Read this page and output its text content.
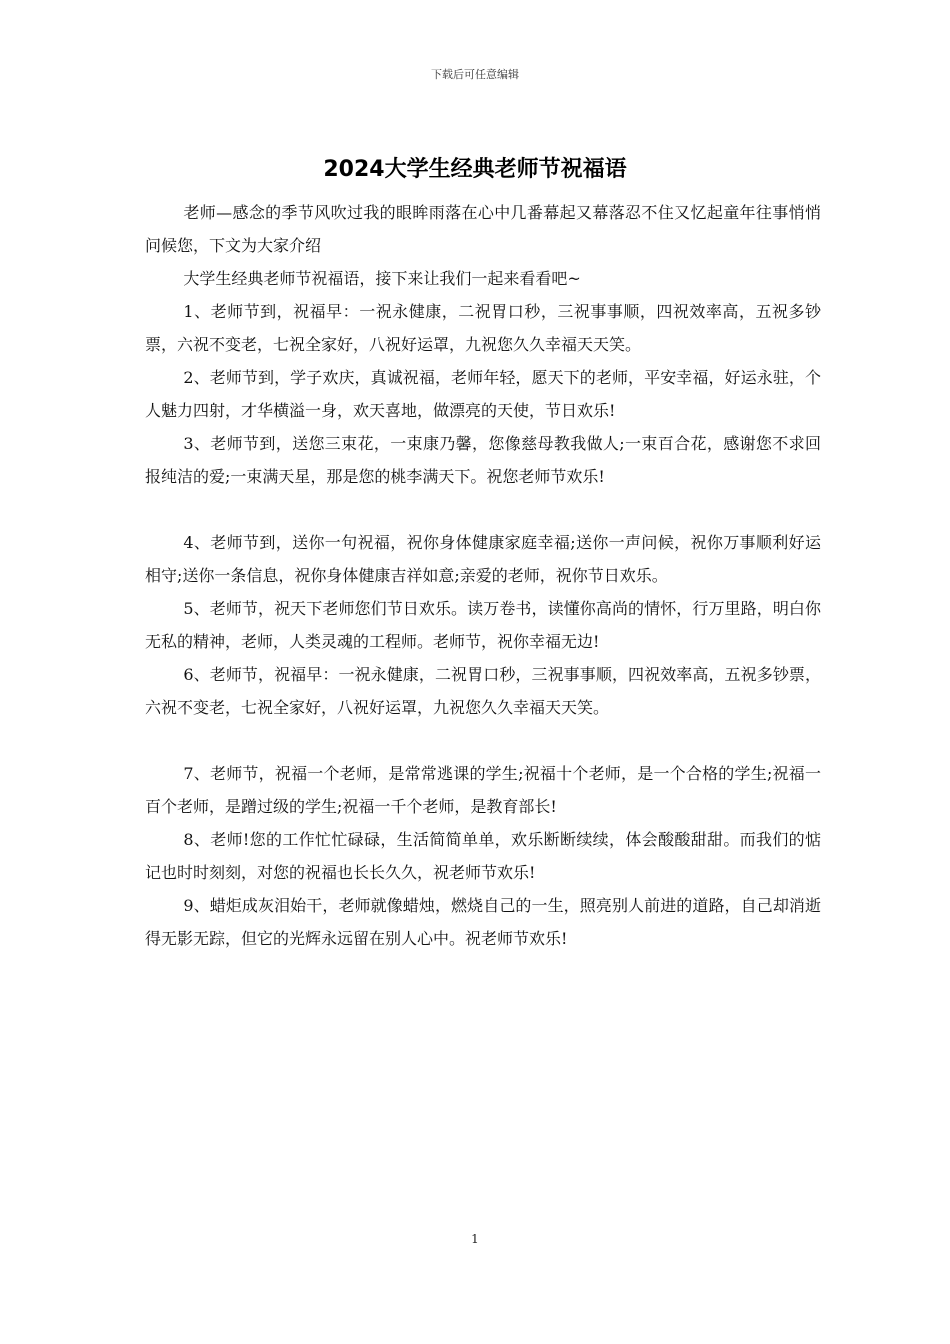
下载后可任意编辑
2024大学生经典老师节祝福语

老师—感念的季节风吹过我的眼眸雨落在心中几番幕起又幕落忍不住又忆起童年往事悄悄问候您，下文为大家介绍

大学生经典老师节祝福语，接下来让我们一起来看看吧~

1、老师节到，祝福早：一祝永健康，二祝胃口秒，三祝事事顺，四祝效率高，五祝多钞票，六祝不变老，七祝全家好，八祝好运罩，九祝您久久幸福天天笑。

2、老师节到，学子欢庆，真诚祝福，老师年轻，愿天下的老师，平安幸福，好运永驻，个人魅力四射，才华横溢一身，欢天喜地，做漂亮的天使，节日欢乐!

3、老师节到，送您三束花，一束康乃馨，您像慈母教我做人;一束百合花，感谢您不求回报纯洁的爱;一束满天星，那是您的桃李满天下。祝您老师节欢乐!

4、老师节到，送你一句祝福，祝你身体健康家庭幸福;送你一声问候，祝你万事顺利好运相守;送你一条信息，祝你身体健康吉祥如意;亲爱的老师，祝你节日欢乐。

5、老师节，祝天下老师您们节日欢乐。读万卷书，读懂你高尚的情怀，行万里路，明白你无私的精神，老师，人类灵魂的工程师。老师节，祝你幸福无边!

6、老师节，祝福早：一祝永健康，二祝胃口秒，三祝事事顺，四祝效率高，五祝多钞票，六祝不变老，七祝全家好，八祝好运罩，九祝您久久幸福天天笑。

7、老师节，祝福一个老师，是常常逃课的学生;祝福十个老师，是一个合格的学生;祝福一百个老师，是蹭过级的学生;祝福一千个老师，是教育部长!

8、老师!您的工作忙忙碌碌，生活简简单单，欢乐断断续续，体会酸酸甜甜。而我们的惦记也时时刻刻，对您的祝福也长长久久，祝老师节欢乐!

9、蜡炬成灰泪始干，老师就像蜡烛，燃烧自己的一生，照亮别人前进的道路，自己却消逝得无影无踪，但它的光辉永远留在别人心中。祝老师节欢乐!

1
